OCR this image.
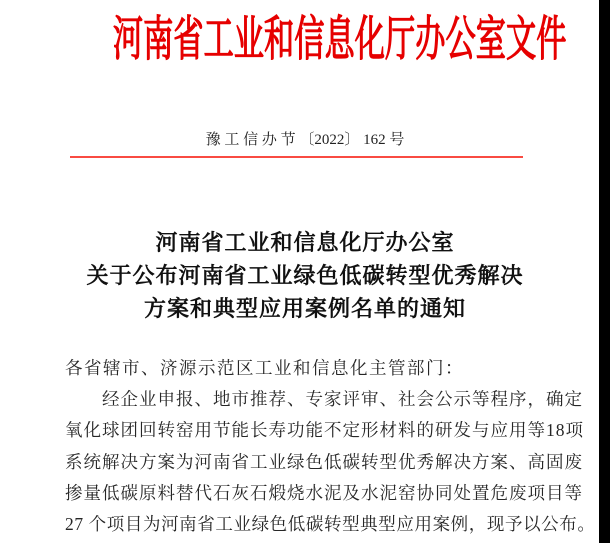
河南省工业和信息化厅办公室文件
豫 工 信 办 节 〔2022〕 162 号
河南省工业和信息化厅办公室
关于公布河南省工业绿色低碳转型优秀解决
方案和典型应用案例名单的通知
各省辖市、济源示范区工业和信息化主管部门：
经企业申报、地市推荐、专家评审、社会公示等程序，确定
氧化球团回转窑用节能长寿功能不定形材料的研发与应用等18项
系统解决方案为河南省工业绿色低碳转型优秀解决方案、高固废
掺量低碳原料替代石灰石煅烧水泥及水泥窑协同处置危废项目等
27 个项目为河南省工业绿色低碳转型典型应用案例，现予以公布。
